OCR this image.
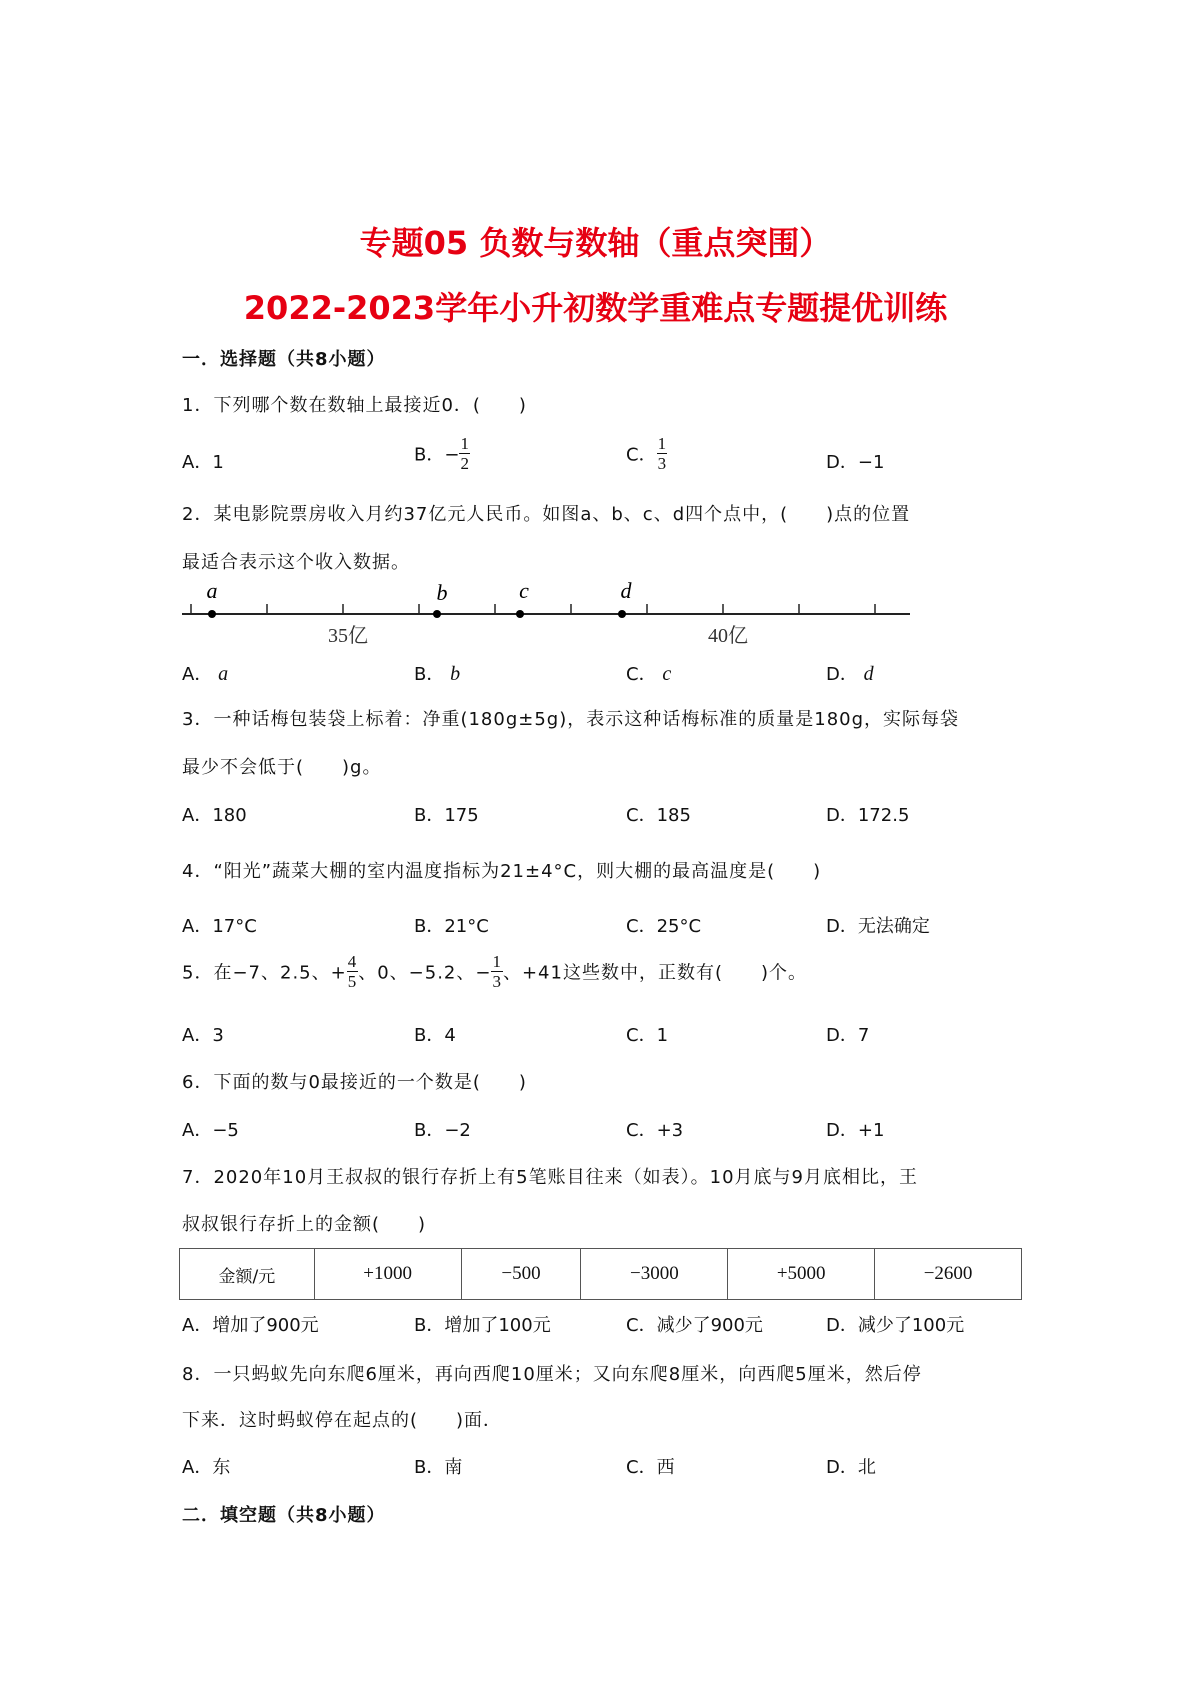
专题05 负数与数轴（重点突围）
2022-2023学年小升初数学重难点专题提优训练
一．选择题（共8小题）
1．下列哪个数在数轴上最接近0．(　　)
A．1	B．− $\frac{1}{2}$	C． $\frac{1}{3}$	D．−1
2．某电影院票房收入月约37亿元人民币。如图a、b、c、d四个点中，(　　)点的位置
最适合表示这个收入数据。
a	b	c	d
35亿	40亿
A． a	B． b	C． c	D． d
3．一种话梅包装袋上标着：净重(180g±5g)，表示这种话梅标准的质量是180g，实际每袋
最少不会低于(　　)g。
A．180	B．175	C．185	D．172.5
4．“阳光”蔬菜大棚的室内温度指标为21±4°C，则大棚的最高温度是(　　)
A．17°C	B．21°C	C．25°C	D．无法确定
5．在−7、2.5、+ $\frac{4}{5}$ 、0、−5.2、− $\frac{1}{3}$ 、+41这些数中，正数有(　　)个。
A．3	B．4	C．1	D．7
6．下面的数与0最接近的一个数是(　　)
A．−5	B．−2	C．+3	D．+1
7．2020年10月王叔叔的银行存折上有5笔账目往来（如表）。10月底与9月底相比，王
叔叔银行存折上的金额(　　)
金额/元	+1000	−500	−3000	+5000	−2600
A．增加了900元	B．增加了100元	C．减少了900元	D．减少了100元
8．一只蚂蚁先向东爬6厘米，再向西爬10厘米；又向东爬8厘米，向西爬5厘米，然后停
下来．这时蚂蚁停在起点的(　　)面．
A．东	B．南	C．西	D．北
二．填空题（共8小题）
